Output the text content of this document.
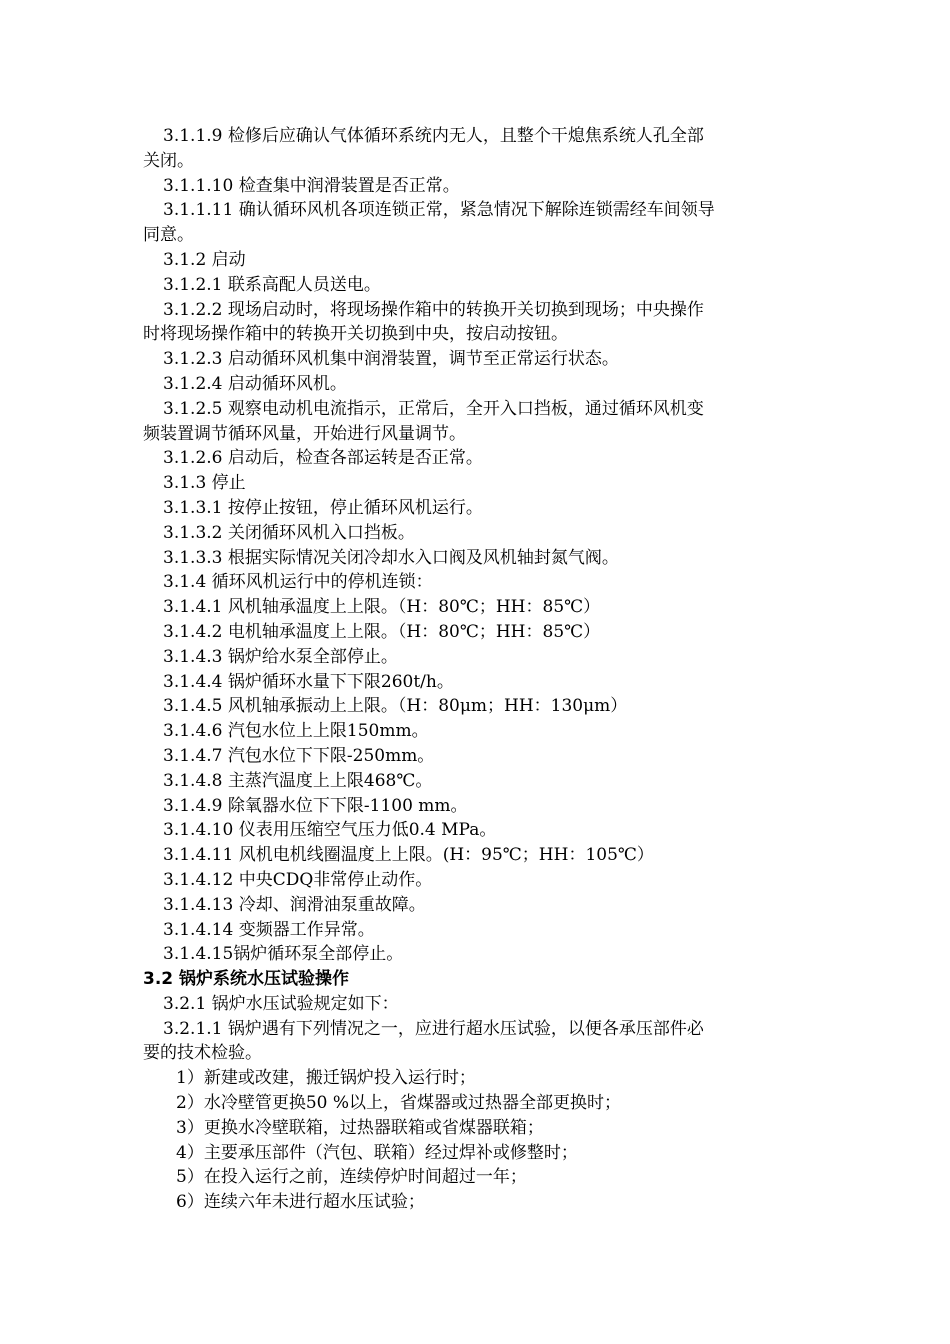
3.1.1.9 检修后应确认气体循环系统内无人，且整个干熄焦系统人孔全部

关闭。

3.1.1.10 检查集中润滑装置是否正常。

3.1.1.11 确认循环风机各项连锁正常，紧急情况下解除连锁需经车间领导

同意。

3.1.2 启动

3.1.2.1 联系高配人员送电。

3.1.2.2 现场启动时，将现场操作箱中的转换开关切换到现场；中央操作

时将现场操作箱中的转换开关切换到中央，按启动按钮。

3.1.2.3 启动循环风机集中润滑装置，调节至正常运行状态。

3.1.2.4 启动循环风机。

3.1.2.5 观察电动机电流指示，正常后，全开入口挡板，通过循环风机变

频装置调节循环风量，开始进行风量调节。

3.1.2.6 启动后，检查各部运转是否正常。

3.1.3 停止

3.1.3.1 按停止按钮，停止循环风机运行。

3.1.3.2 关闭循环风机入口挡板。

3.1.3.3 根据实际情况关闭冷却水入口阀及风机轴封氮气阀。

3.1.4 循环风机运行中的停机连锁：

3.1.4.1 风机轴承温度上上限。（H：80℃；HH：85℃）

3.1.4.2 电机轴承温度上上限。（H：80℃；HH：85℃）

3.1.4.3 锅炉给水泵全部停止。

3.1.4.4 锅炉循环水量下下限260t/h。

3.1.4.5 风机轴承振动上上限。（H：80μm；HH：130μm）

3.1.4.6 汽包水位上上限150mm。

3.1.4.7 汽包水位下下限-250mm。

3.1.4.8 主蒸汽温度上上限468℃。

3.1.4.9 除氧器水位下下限-1100 mm。

3.1.4.10 仪表用压缩空气压力低0.4 MPa。

3.1.4.11 风机电机线圈温度上上限。(H：95℃；HH：105℃）

3.1.4.12 中央CDQ非常停止动作。

3.1.4.13 冷却、润滑油泵重故障。

3.1.4.14 变频器工作异常。

3.1.4.15锅炉循环泵全部停止。

3.2 锅炉系统水压试验操作

3.2.1 锅炉水压试验规定如下：

3.2.1.1 锅炉遇有下列情况之一，应进行超水压试验，以便各承压部件必

要的技术检验。

1）新建或改建，搬迁锅炉投入运行时；

2）水冷壁管更换50 %以上，省煤器或过热器全部更换时；

3）更换水冷壁联箱，过热器联箱或省煤器联箱；

4）主要承压部件（汽包、联箱）经过焊补或修整时；

5）在投入运行之前，连续停炉时间超过一年；

6）连续六年未进行超水压试验；
